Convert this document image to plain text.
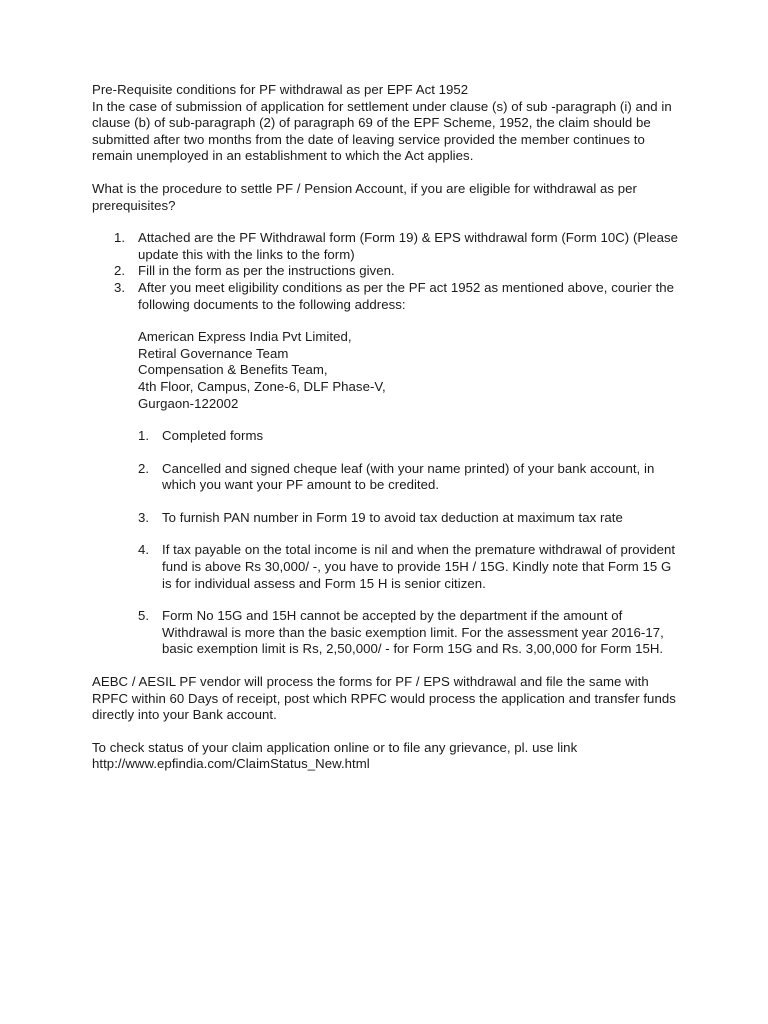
Pre-Requisite conditions for PF withdrawal as per EPF Act 1952

In the case of submission of application for settlement under clause (s) of sub -paragraph (i) and in clause (b) of sub-paragraph (2) of paragraph 69 of the EPF Scheme, 1952, the claim should be submitted after two months from the date of leaving service provided the member continues to remain unemployed in an establishment to which the Act applies.

What is the procedure to settle PF / Pension Account, if you are eligible for withdrawal as per prerequisites?

1. Attached are the PF Withdrawal form (Form 19) & EPS withdrawal form (Form 10C) (Please update this with the links to the form)
2. Fill in the form as per the instructions given.
3. After you meet eligibility conditions as per the PF act 1952 as mentioned above, courier the following documents to the following address:
American Express India Pvt Limited,
Retiral Governance Team
Compensation & Benefits Team,
4th Floor, Campus, Zone-6, DLF Phase-V,
Gurgaon-122002
1. Completed forms
2. Cancelled and signed cheque leaf (with your name printed) of your bank account, in which you want your PF amount to be credited.
3. To furnish PAN number in Form 19 to avoid tax deduction at maximum tax rate
4. If tax payable on the total income is nil and when the premature withdrawal of provident fund is above Rs 30,000/ -, you have to provide 15H / 15G. Kindly note that Form 15 G is for individual assess and Form 15 H is senior citizen.
5. Form No 15G and 15H cannot be accepted by the department if the amount of Withdrawal is more than the basic exemption limit. For the assessment year 2016-17, basic exemption limit is Rs, 2,50,000/ - for Form 15G and Rs. 3,00,000 for Form 15H.

AEBC / AESIL PF vendor will process the forms for PF / EPS withdrawal and file the same with RPFC within 60 Days of receipt, post which RPFC would process the application and transfer funds directly into your Bank account.

To check status of your claim application online or to file any grievance, pl. use link
http://www.epfindia.com/ClaimStatus_New.html
